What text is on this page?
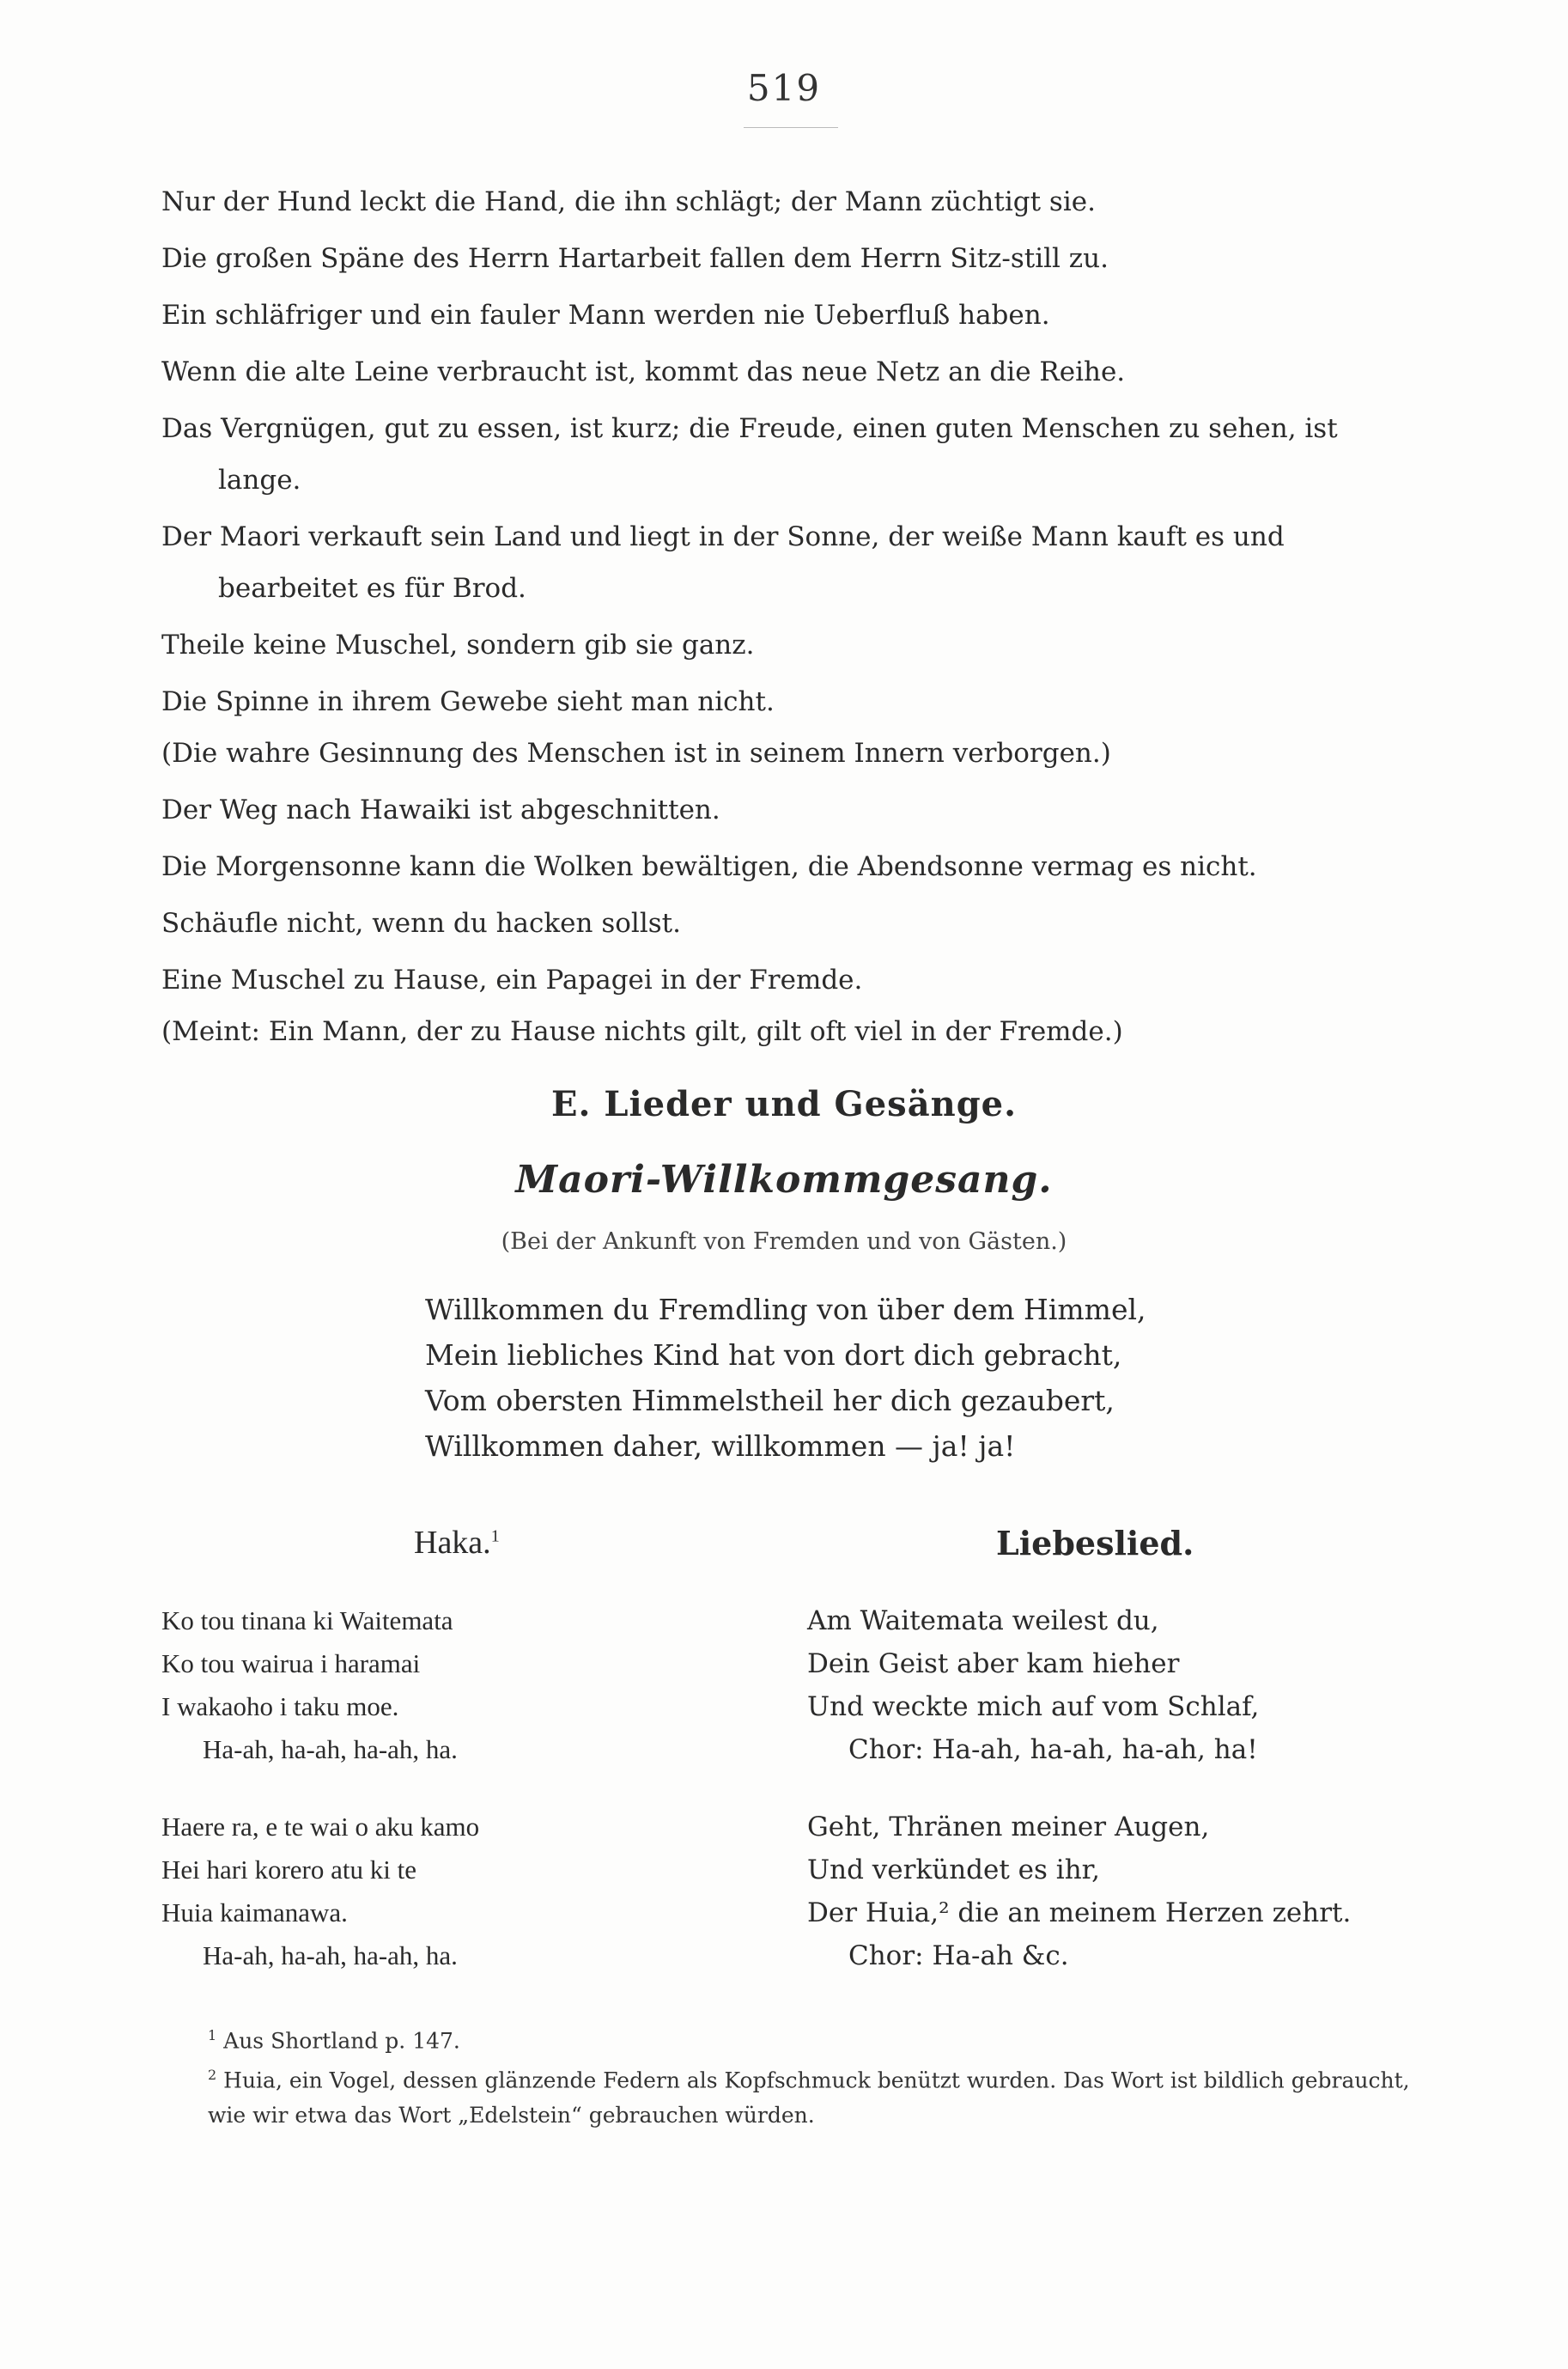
519
Nur der Hund leckt die Hand, die ihn schlägt; der Mann züchtigt sie.
Die großen Späne des Herrn Hartarbeit fallen dem Herrn Sitz-still zu.
Ein schläfriger und ein fauler Mann werden nie Ueberfluß haben.
Wenn die alte Leine verbraucht ist, kommt das neue Netz an die Reihe.
Das Vergnügen, gut zu essen, ist kurz; die Freude, einen guten Menschen zu sehen, ist lange.
Der Maori verkauft sein Land und liegt in der Sonne, der weiße Mann kauft es und bearbeitet es für Brod.
Theile keine Muschel, sondern gib sie ganz.
Die Spinne in ihrem Gewebe sieht man nicht.
(Die wahre Gesinnung des Menschen ist in seinem Innern verborgen.)
Der Weg nach Hawaiki ist abgeschnitten.
Die Morgensonne kann die Wolken bewältigen, die Abendsonne vermag es nicht.
Schäufle nicht, wenn du hacken sollst.
Eine Muschel zu Hause, ein Papagei in der Fremde.
(Meint: Ein Mann, der zu Hause nichts gilt, gilt oft viel in der Fremde.)
E. Lieder und Gesänge.
Maori-Willkommgesang.
(Bei der Ankunft von Fremden und von Gästen.)
Willkommen du Fremdling von über dem Himmel,
Mein liebliches Kind hat von dort dich gebracht,
Vom obersten Himmelstheil her dich gezaubert,
Willkommen daher, willkommen — ja! ja!
Haka.$^1$	Liebeslied.
Ko tou tinana ki Waitemata
Ko tou wairua i haramai
I wakaoho i taku moe.
Ha-ah, ha-ah, ha-ah, ha.
Haere ra, e te wai o aku kamo
Hei hari korero atu ki te
Huia kaimanawa.
Ha-ah, ha-ah, ha-ah, ha.
Am Waitemata weilest du,
Dein Geist aber kam hieher
Und weckte mich auf vom Schlaf,
Chor: Ha-ah, ha-ah, ha-ah, ha!
Geht, Thränen meiner Augen,
Und verkündet es ihr,
Der Huia,² die an meinem Herzen zehrt.
Chor: Ha-ah &c.
$^1$ Aus Shortland p. 147.
$^2$ Huia, ein Vogel, dessen glänzende Federn als Kopfschmuck benützt wurden. Das Wort ist bildlich gebraucht, wie wir etwa das Wort „Edelstein“ gebrauchen würden.
